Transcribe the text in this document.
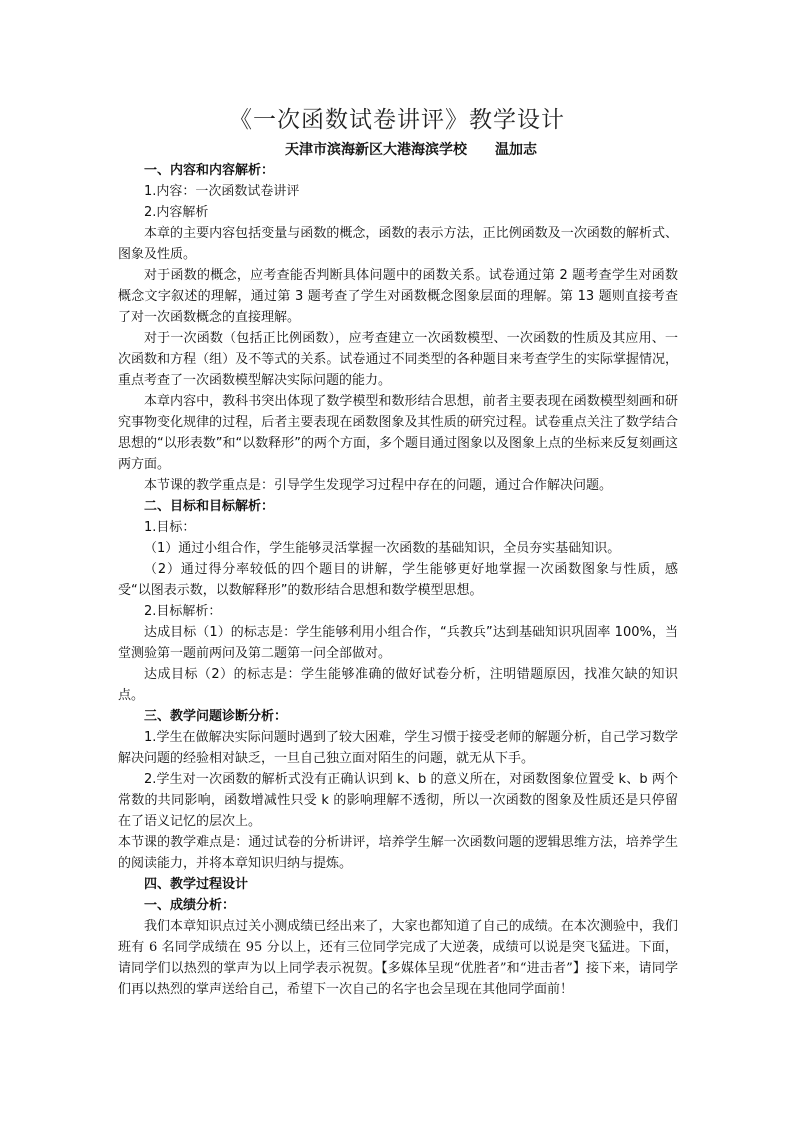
《一次函数试卷讲评》教学设计
天津市滨海新区大港海滨学校 温加志

一、内容和内容解析：

1.内容：一次函数试卷讲评

2.内容解析

本章的主要内容包括变量与函数的概念，函数的表示方法，正比例函数及一次函数的解析式、图象及性质。

对于函数的概念，应考查能否判断具体问题中的函数关系。试卷通过第 2 题考查学生对函数概念文字叙述的理解，通过第 3 题考查了学生对函数概念图象层面的理解。第 13 题则直接考查了对一次函数概念的直接理解。

对于一次函数（包括正比例函数），应考查建立一次函数模型、一次函数的性质及其应用、一次函数和方程（组）及不等式的关系。试卷通过不同类型的各种题目来考查学生的实际掌握情况，重点考查了一次函数模型解决实际问题的能力。

本章内容中，教科书突出体现了数学模型和数形结合思想，前者主要表现在函数模型刻画和研究事物变化规律的过程，后者主要表现在函数图象及其性质的研究过程。试卷重点关注了数学结合思想的“以形表数”和“以数释形”的两个方面，多个题目通过图象以及图象上点的坐标来反复刻画这两方面。

本节课的教学重点是：引导学生发现学习过程中存在的问题，通过合作解决问题。

二、目标和目标解析：

1.目标：

（1）通过小组合作，学生能够灵活掌握一次函数的基础知识，全员夯实基础知识。

（2）通过得分率较低的四个题目的讲解，学生能够更好地掌握一次函数图象与性质，感受“以图表示数，以数解释形”的数形结合思想和数学模型思想。

2.目标解析：

达成目标（1）的标志是：学生能够利用小组合作，“兵教兵”达到基础知识巩固率 100%，当堂测验第一题前两问及第二题第一问全部做对。

达成目标（2）的标志是：学生能够准确的做好试卷分析，注明错题原因，找准欠缺的知识点。

三、教学问题诊断分析：

1.学生在做解决实际问题时遇到了较大困难，学生习惯于接受老师的解题分析，自己学习数学解决问题的经验相对缺乏，一旦自己独立面对陌生的问题，就无从下手。

2.学生对一次函数的解析式没有正确认识到 k、b 的意义所在，对函数图象位置受 k、b 两个常数的共同影响，函数增减性只受 k 的影响理解不透彻，所以一次函数的图象及性质还是只停留在了语义记忆的层次上。

本节课的教学难点是：通过试卷的分析讲评，培养学生解一次函数问题的逻辑思维方法，培养学生的阅读能力，并将本章知识归纳与提炼。

四、教学过程设计

一、成绩分析：

我们本章知识点过关小测成绩已经出来了，大家也都知道了自己的成绩。在本次测验中，我们班有 6 名同学成绩在 95 分以上，还有三位同学完成了大逆袭，成绩可以说是突飞猛进。下面，请同学们以热烈的掌声为以上同学表示祝贺。【多媒体呈现“优胜者”和“进击者”】接下来，请同学们再以热烈的掌声送给自己，希望下一次自己的名字也会呈现在其他同学面前！
